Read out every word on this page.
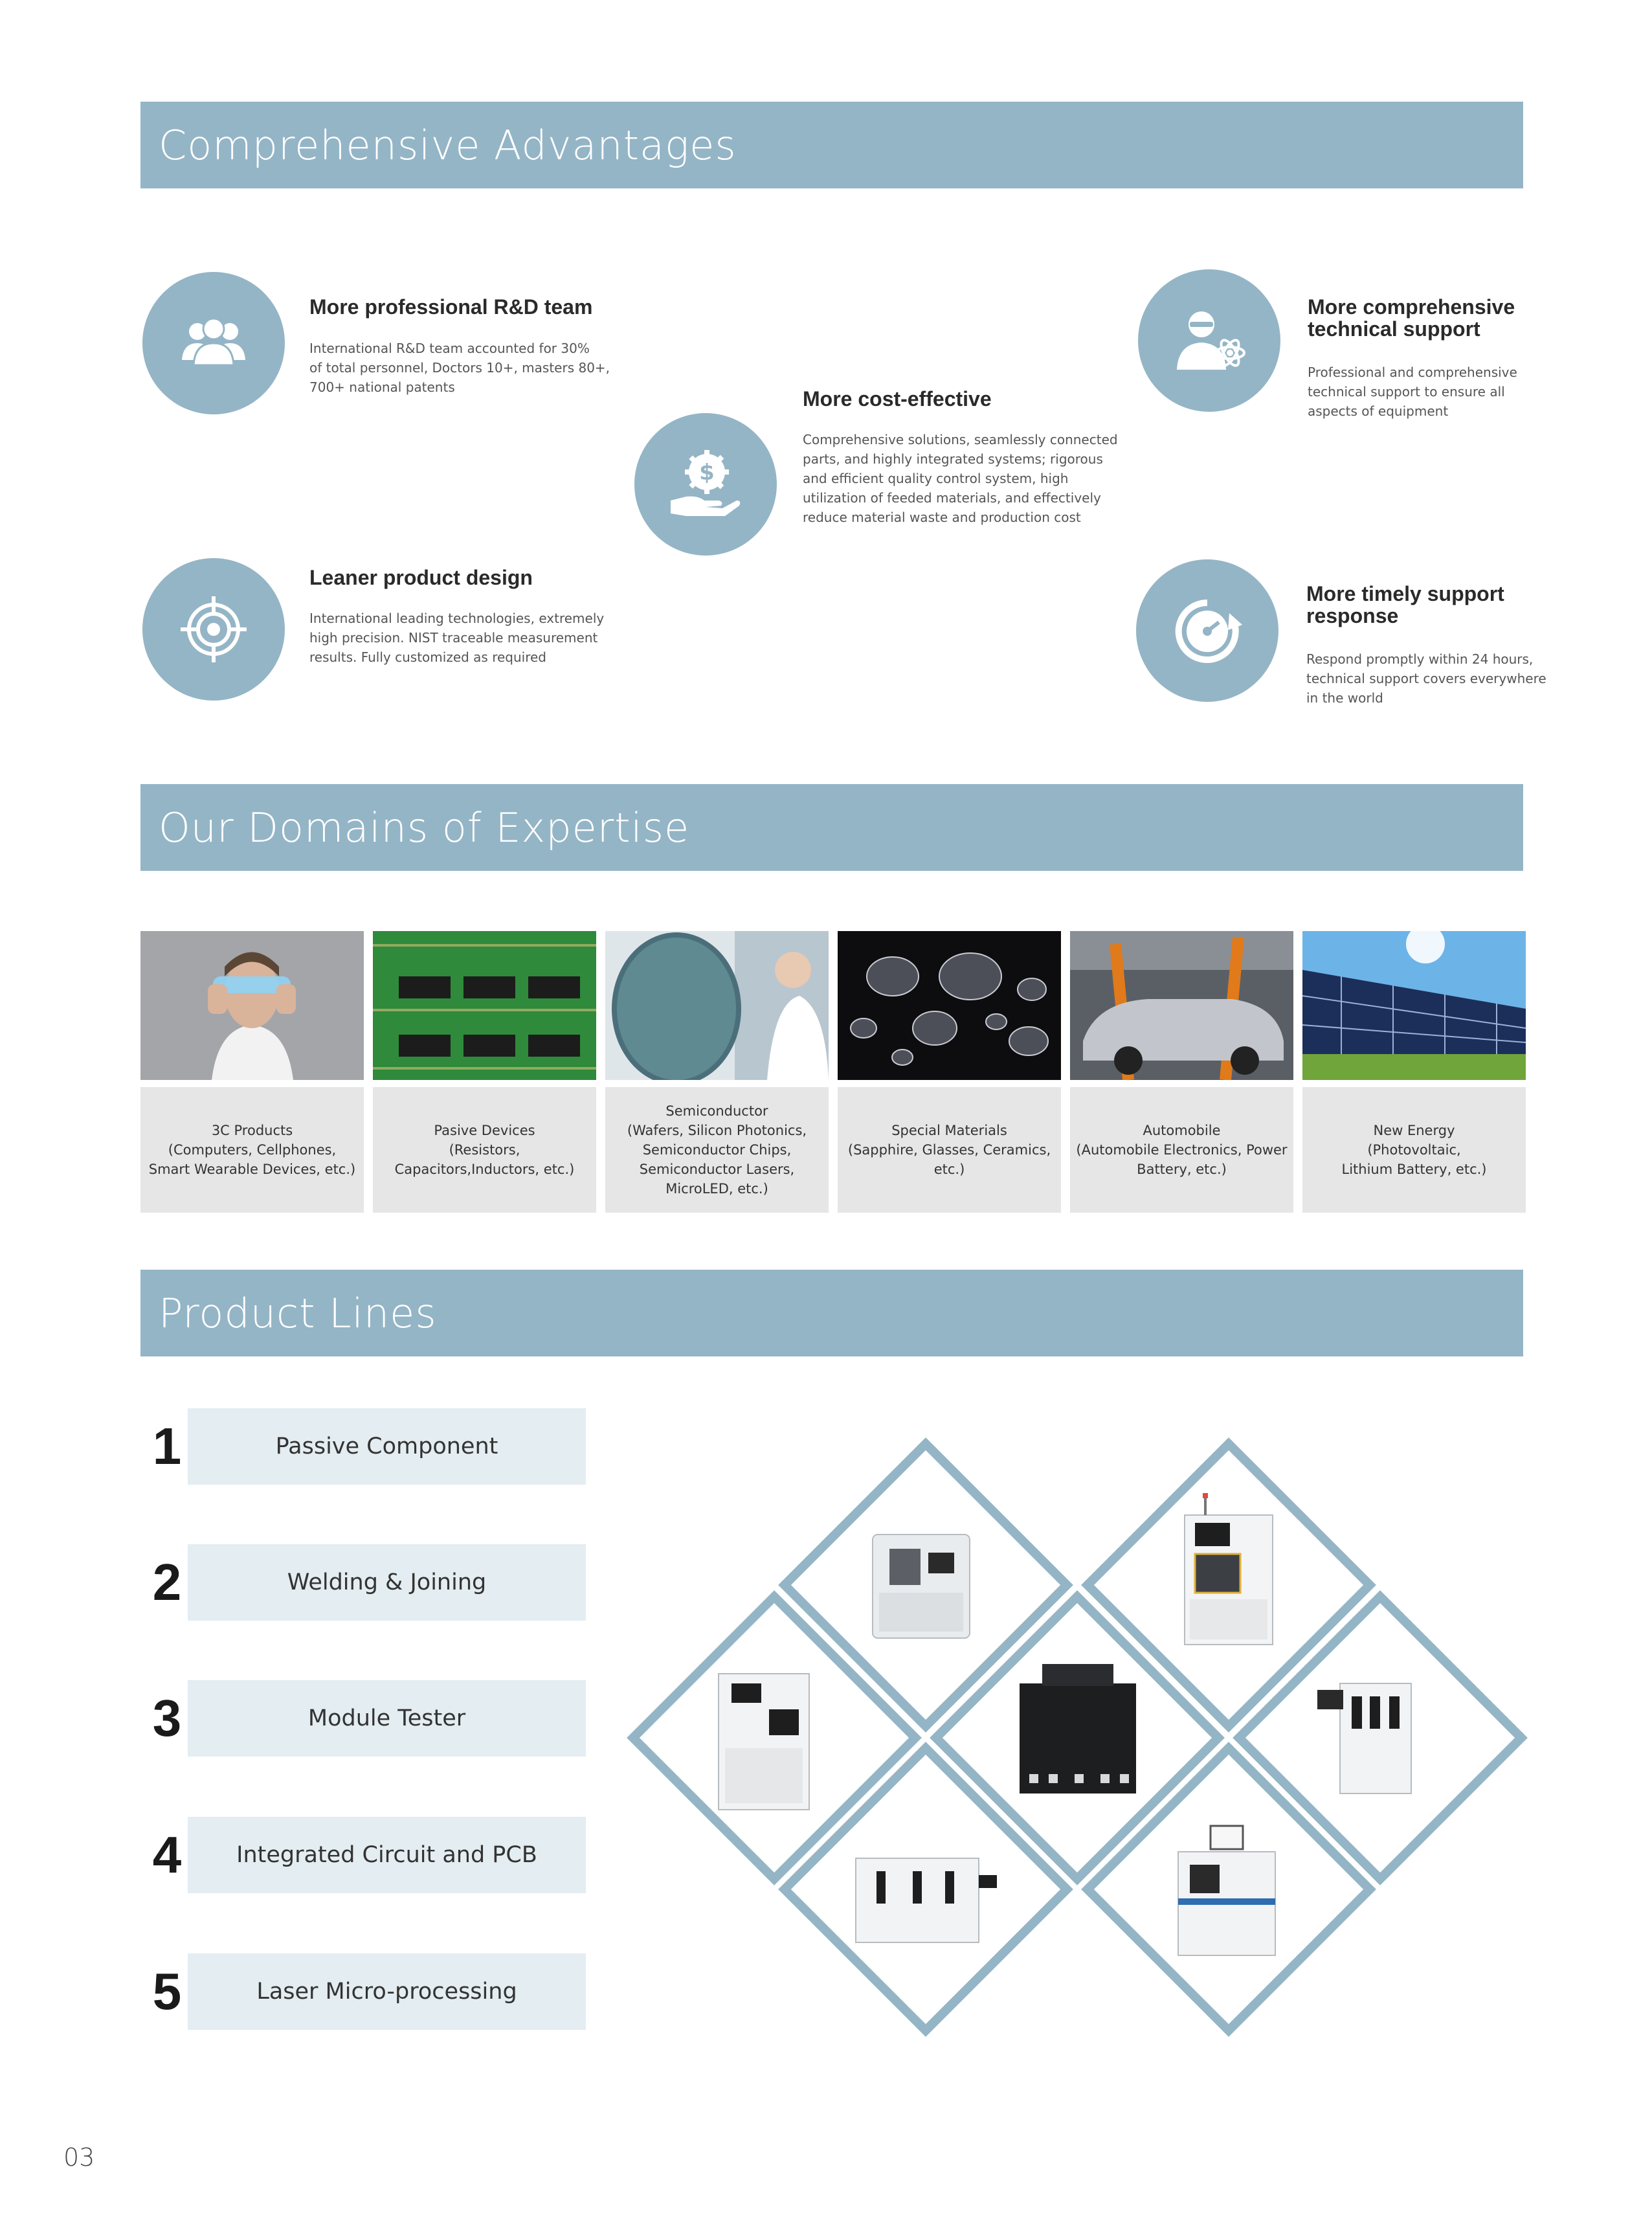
Comprehensive Advantages
Our Domains of Expertise
Product Lines
More professional R&D team
International R&D team accounted for 30%
of total personnel, Doctors 10+, masters 80+,
700+ national patents
$
More cost-effective
Comprehensive solutions, seamlessly connected
parts, and highly integrated systems; rigorous
and efficient quality control system, high
utilization of feeded materials, and effectively
reduce material waste and production cost
More comprehensive
technical support
Professional and comprehensive
technical support to ensure all
aspects of equipment
Leaner product design
International leading technologies, extremely
high precision. NIST traceable measurement
results. Fully customized as required
More timely support
response
Respond promptly within 24 hours,
technical support covers everywhere
in the world
3C Products
(Computers, Cellphones,
Smart Wearable Devices, etc.)
Pasive Devices
(Resistors,
Capacitors,Inductors, etc.)
Semiconductor
(Wafers, Silicon Photonics,
Semiconductor Chips,
Semiconductor Lasers,
MicroLED, etc.)
Special Materials
(Sapphire, Glasses, Ceramics, etc.)
Automobile
(Automobile Electronics, Power
Battery, etc.)
New Energy
(Photovoltaic,
Lithium Battery, etc.)
1	Passive Component
2	Welding & Joining
3	Module Tester
4	Integrated Circuit and PCB
5	Laser Micro-processing
03
